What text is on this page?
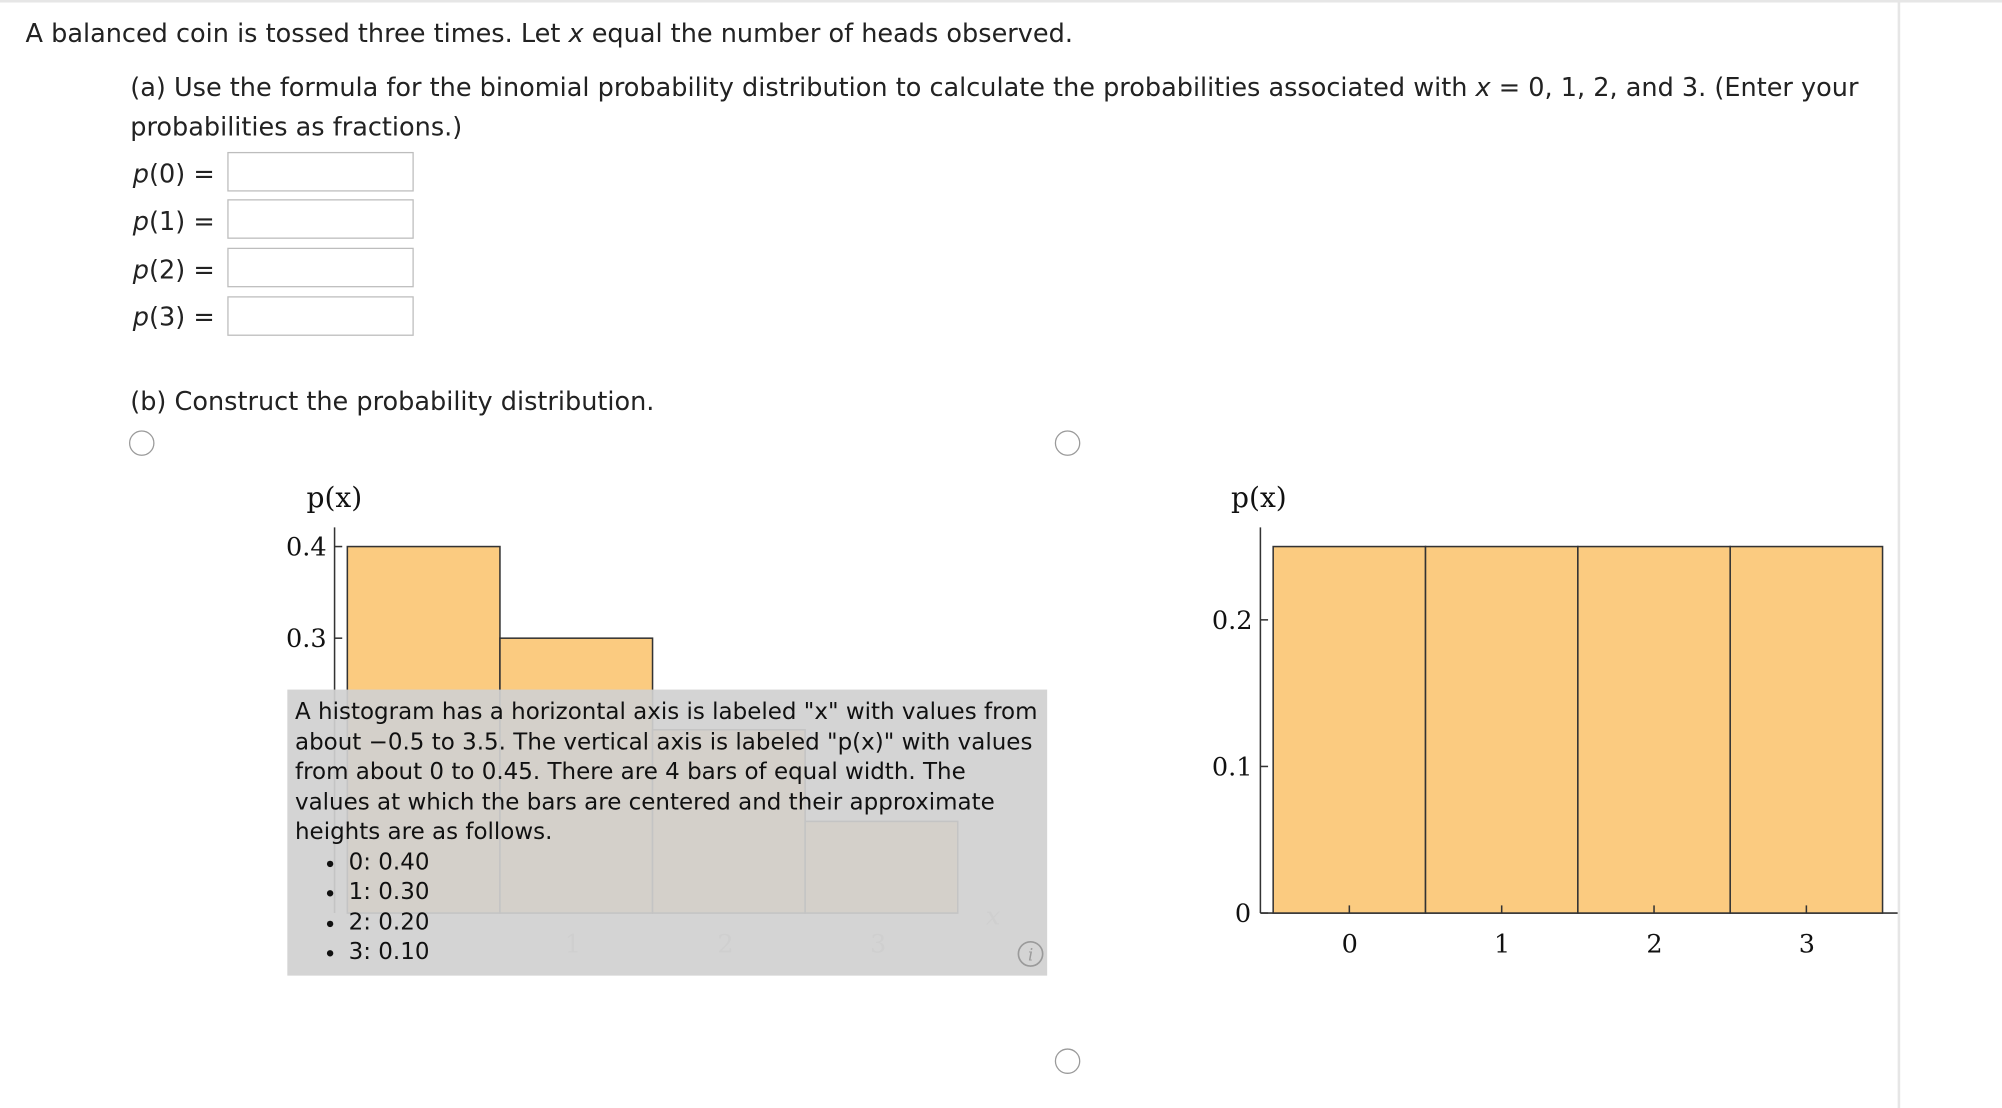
A balanced coin is tossed three times. Let x equal the number of heads observed.
(a) Use the formula for the binomial probability distribution to calculate the probabilities associated with x = 0, 1, 2, and 3. (Enter your probabilities as fractions.)
p(0) =
p(1) =
p(2) =
p(3) =
(b) Construct the probability distribution.
p(x)
0.4
0.3
p(x)
0.2
0.1
0
0	1	2	3

A histogram has a horizontal axis is labeled "x" with values from about −0.5 to 3.5. The vertical axis is labeled "p(x)" with values from about 0 to 0.45. There are 4 bars of equal width. The values at which the bars are centered and their approximate heights are as follows.

• 0: 0.40
• 1: 0.30
• 2: 0.20
• 3: 0.10	i
